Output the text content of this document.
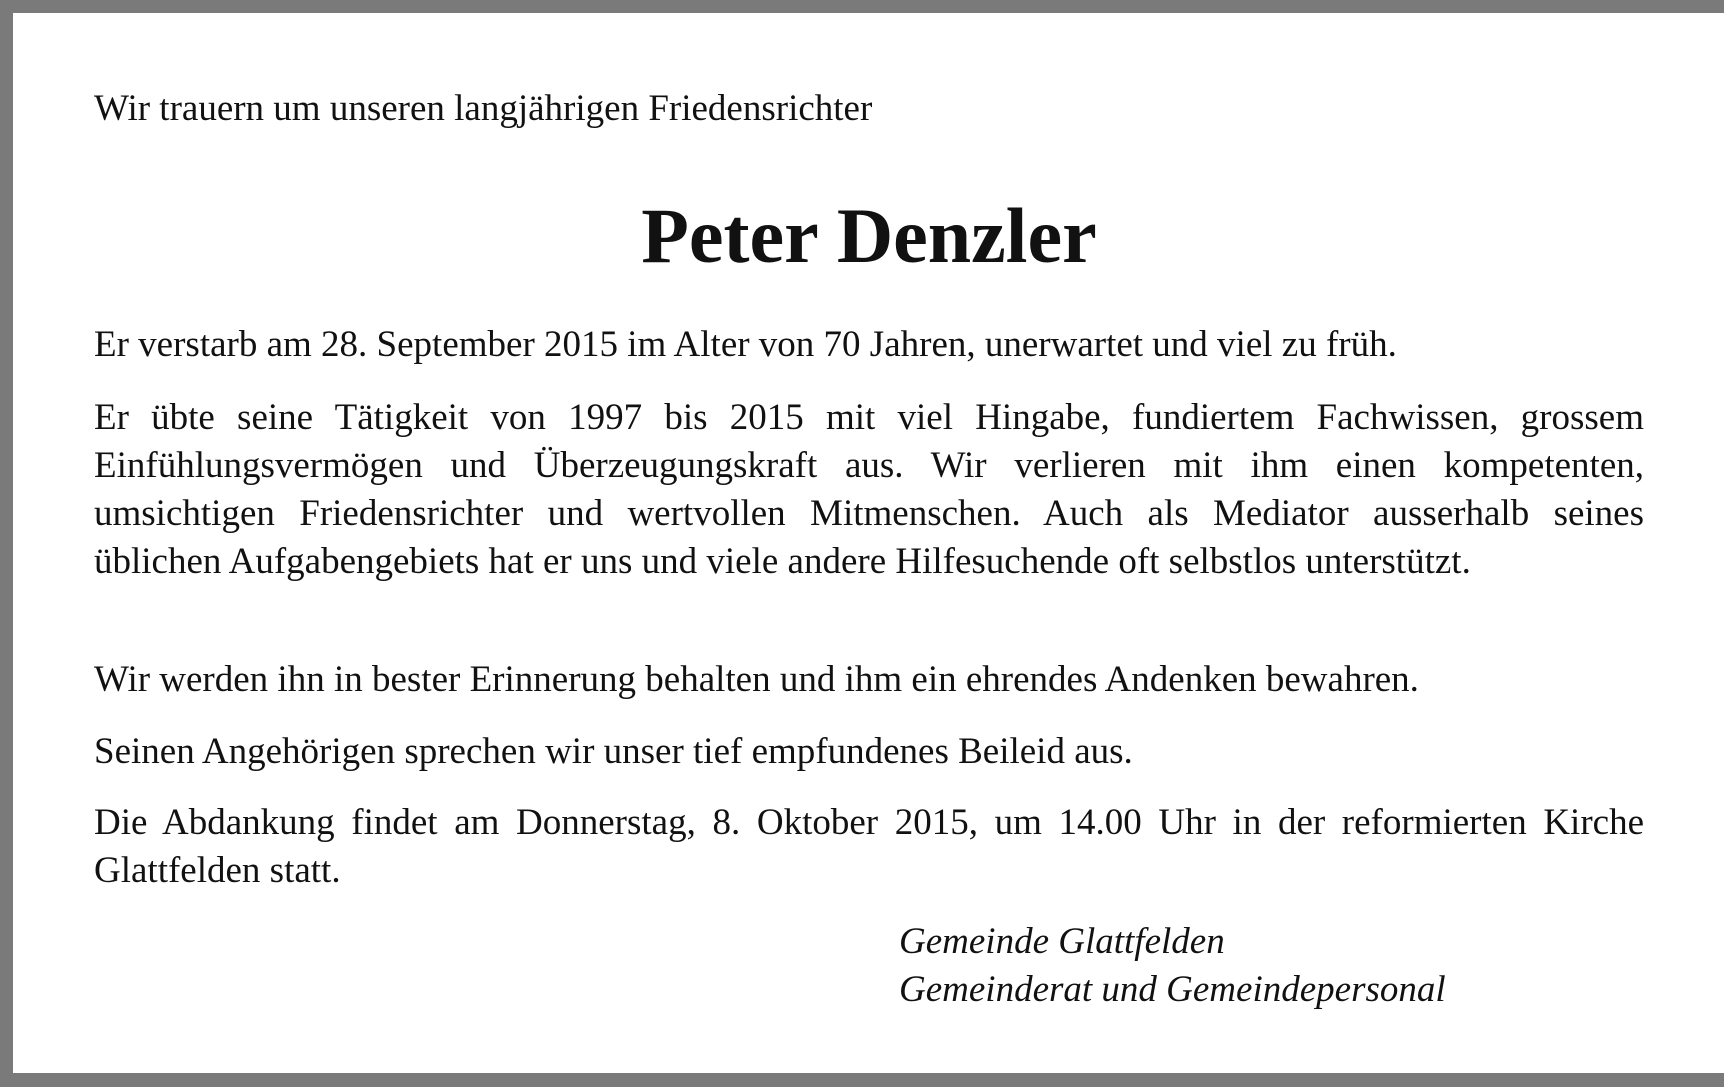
Wir trauern um unseren langjährigen Friedensrichter
Peter Denzler

Er verstarb am 28. September 2015 im Alter von 70 Jahren, unerwartet und viel zu früh.

Er übte seine Tätigkeit von 1997 bis 2015 mit viel Hingabe, fundiertem Fachwissen, grossem Einfühlungsvermögen und Überzeugungskraft aus. Wir verlieren mit ihm einen kompetenten, umsichtigen Friedensrichter und wertvollen Mitmenschen. Auch als Mediator ausserhalb seines üblichen Aufgabengebiets hat er uns und viele andere Hilfesuchende oft selbstlos unterstützt.

Wir werden ihn in bester Erinnerung behalten und ihm ein ehrendes Andenken bewahren.

Seinen Angehörigen sprechen wir unser tief empfundenes Beileid aus.

Die Abdankung findet am Donnerstag, 8. Oktober 2015, um 14.00 Uhr in der reformierten Kirche Glattfelden statt.

Gemeinde Glattfelden
Gemeinderat und Gemeindepersonal
